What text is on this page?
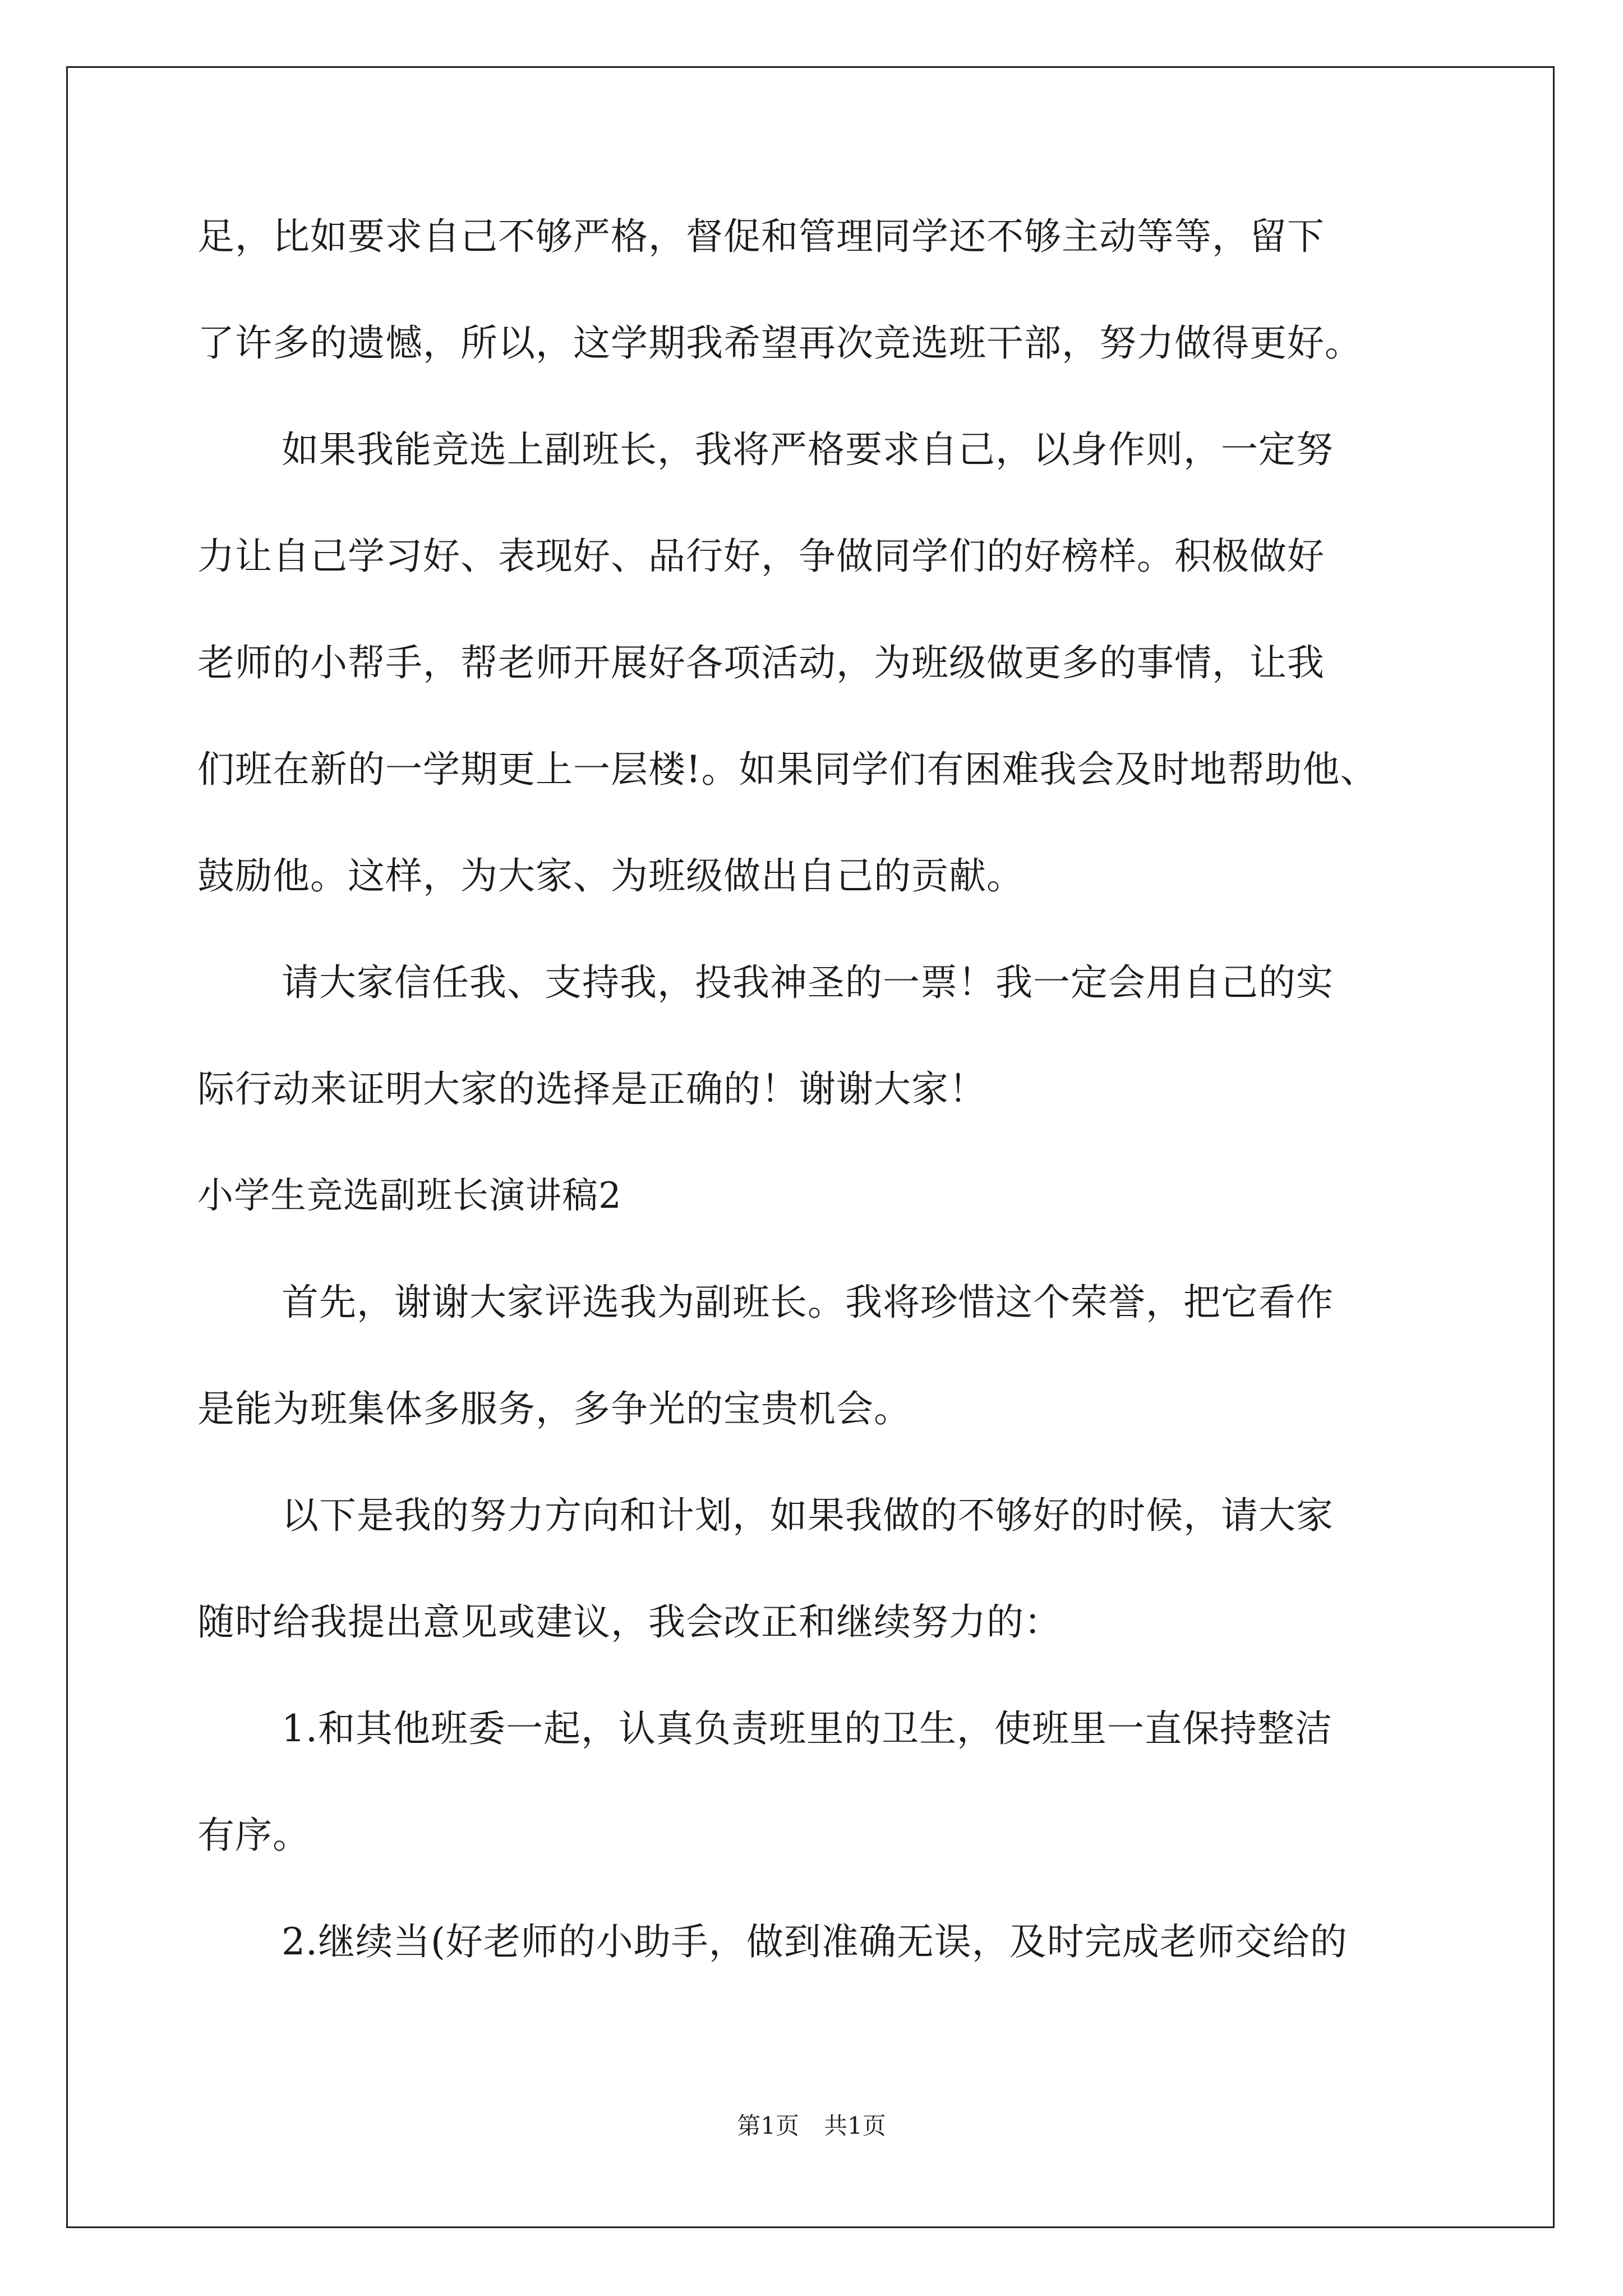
足，比如要求自己不够严格，督促和管理同学还不够主动等等，留下
了许多的遗憾，所以，这学期我希望再次竞选班干部，努力做得更好。
如果我能竞选上副班长，我将严格要求自己，以身作则，一定努
力让自己学习好、表现好、品行好，争做同学们的好榜样。积极做好
老师的小帮手，帮老师开展好各项活动，为班级做更多的事情，让我
们班在新的一学期更上一层楼!。如果同学们有困难我会及时地帮助他、
鼓励他。这样，为大家、为班级做出自己的贡献。
请大家信任我、支持我，投我神圣的一票！我一定会用自己的实
际行动来证明大家的选择是正确的！谢谢大家！
小学生竞选副班长演讲稿2
首先，谢谢大家评选我为副班长。我将珍惜这个荣誉，把它看作
是能为班集体多服务，多争光的宝贵机会。
以下是我的努力方向和计划，如果我做的不够好的时候，请大家
随时给我提出意见或建议，我会改正和继续努力的：
1.和其他班委一起，认真负责班里的卫生，使班里一直保持整洁
有序。
2.继续当(好老师的小助手，做到准确无误，及时完成老师交给的
第1页 共1页
